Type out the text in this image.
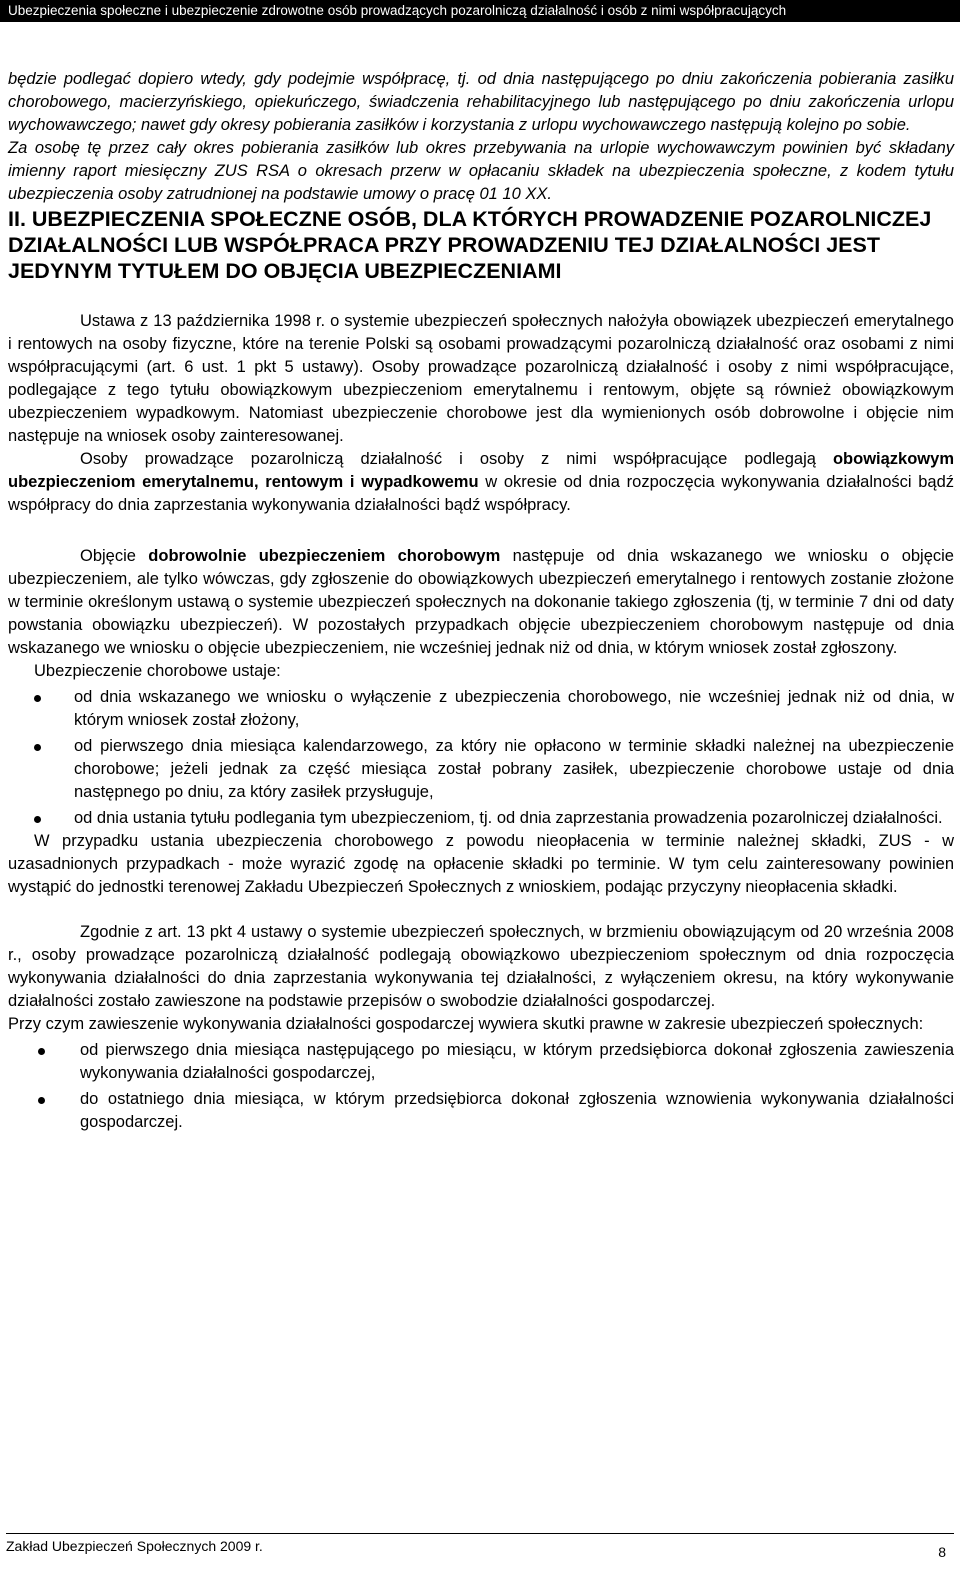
Ubezpieczenia społeczne i ubezpieczenie zdrowotne osób prowadzących pozarolniczą działalność i osób z nimi współpracujących

będzie podlegać dopiero wtedy, gdy podejmie współpracę, tj. od dnia następującego po dniu zakończenia pobierania zasiłku chorobowego, macierzyńskiego, opiekuńczego, świadczenia rehabilitacyjnego lub następującego po dniu zakończenia urlopu wychowawczego; nawet gdy okresy pobierania zasiłków i korzystania z urlopu wychowawczego następują kolejno po sobie.

Za osobę tę przez cały okres pobierania zasiłków lub okres przebywania na urlopie wychowawczym powinien być składany imienny raport miesięczny ZUS RSA o okresach przerw w opłacaniu składek na ubezpieczenia społeczne, z kodem tytułu ubezpieczenia osoby zatrudnionej na podstawie umowy o pracę 01 10 XX.

II. UBEZPIECZENIA SPOŁECZNE OSÓB, DLA KTÓRYCH PROWADZENIE POZAROLNICZEJ DZIAŁALNOŚCI LUB WSPÓŁPRACA PRZY PROWADZENIU TEJ DZIAŁALNOŚCI JEST JEDYNYM TYTUŁEM DO OBJĘCIA UBEZPIECZENIAMI

Ustawa z 13 października 1998 r. o systemie ubezpieczeń społecznych nałożyła obowiązek ubezpieczeń emerytalnego i rentowych na osoby fizyczne, które na terenie Polski są osobami prowadzącymi pozarolniczą działalność oraz osobami z nimi współpracującymi (art. 6 ust. 1 pkt 5 ustawy). Osoby prowadzące pozarolniczą działalność i osoby z nimi współpracujące, podlegające z tego tytułu obowiązkowym ubezpieczeniom emerytalnemu i rentowym, objęte są również obowiązkowym ubezpieczeniem wypadkowym. Natomiast ubezpieczenie chorobowe jest dla wymienionych osób dobrowolne i objęcie nim następuje na wniosek osoby zainteresowanej.

Osoby prowadzące pozarolniczą działalność i osoby z nimi współpracujące podlegają obowiązkowym ubezpieczeniom emerytalnemu, rentowym i wypadkowemu w okresie od dnia rozpoczęcia wykonywania działalności bądź współpracy do dnia zaprzestania wykonywania działalności bądź współpracy.

Objęcie dobrowolnie ubezpieczeniem chorobowym następuje od dnia wskazanego we wniosku o objęcie ubezpieczeniem, ale tylko wówczas, gdy zgłoszenie do obowiązkowych ubezpieczeń emerytalnego i rentowych zostanie złożone w terminie określonym ustawą o systemie ubezpieczeń społecznych na dokonanie takiego zgłoszenia (tj, w terminie 7 dni od daty powstania obowiązku ubezpieczeń). W pozostałych przypadkach objęcie ubezpieczeniem chorobowym następuje od dnia wskazanego we wniosku o objęcie ubezpieczeniem, nie wcześniej jednak niż od dnia, w którym wniosek został zgłoszony.

Ubezpieczenie chorobowe ustaje:

od dnia wskazanego we wniosku o wyłączenie z ubezpieczenia chorobowego, nie wcześniej jednak niż od dnia, w którym wniosek został złożony,
od pierwszego dnia miesiąca kalendarzowego, za który nie opłacono w terminie składki należnej na ubezpieczenie chorobowe; jeżeli jednak za część miesiąca został pobrany zasiłek, ubezpieczenie chorobowe ustaje od dnia następnego po dniu, za który zasiłek przysługuje,
od dnia ustania tytułu podlegania tym ubezpieczeniom, tj. od dnia zaprzestania prowadzenia pozarolniczej działalności.

W przypadku ustania ubezpieczenia chorobowego z powodu nieopłacenia w terminie należnej składki, ZUS - w uzasadnionych przypadkach - może wyrazić zgodę na opłacenie składki po terminie. W tym celu zainteresowany powinien wystąpić do jednostki terenowej Zakładu Ubezpieczeń Społecznych z wnioskiem, podając przyczyny nieopłacenia składki.

Zgodnie z art. 13 pkt 4 ustawy o systemie ubezpieczeń społecznych, w brzmieniu obowiązującym od 20 września 2008 r., osoby prowadzące pozarolniczą działalność podlegają obowiązkowo ubezpieczeniom społecznym od dnia rozpoczęcia wykonywania działalności do dnia zaprzestania wykonywania tej działalności, z wyłączeniem okresu, na który wykonywanie działalności zostało zawieszone na podstawie przepisów o swobodzie działalności gospodarczej.

Przy czym zawieszenie wykonywania działalności gospodarczej wywiera skutki prawne w zakresie ubezpieczeń społecznych:

od pierwszego dnia miesiąca następującego po miesiącu, w którym przedsiębiorca dokonał zgłoszenia zawieszenia wykonywania działalności gospodarczej,
do ostatniego dnia miesiąca, w którym przedsiębiorca dokonał zgłoszenia wznowienia wykonywania działalności gospodarczej.
Zakład Ubezpieczeń Społecznych 2009 r.	8
